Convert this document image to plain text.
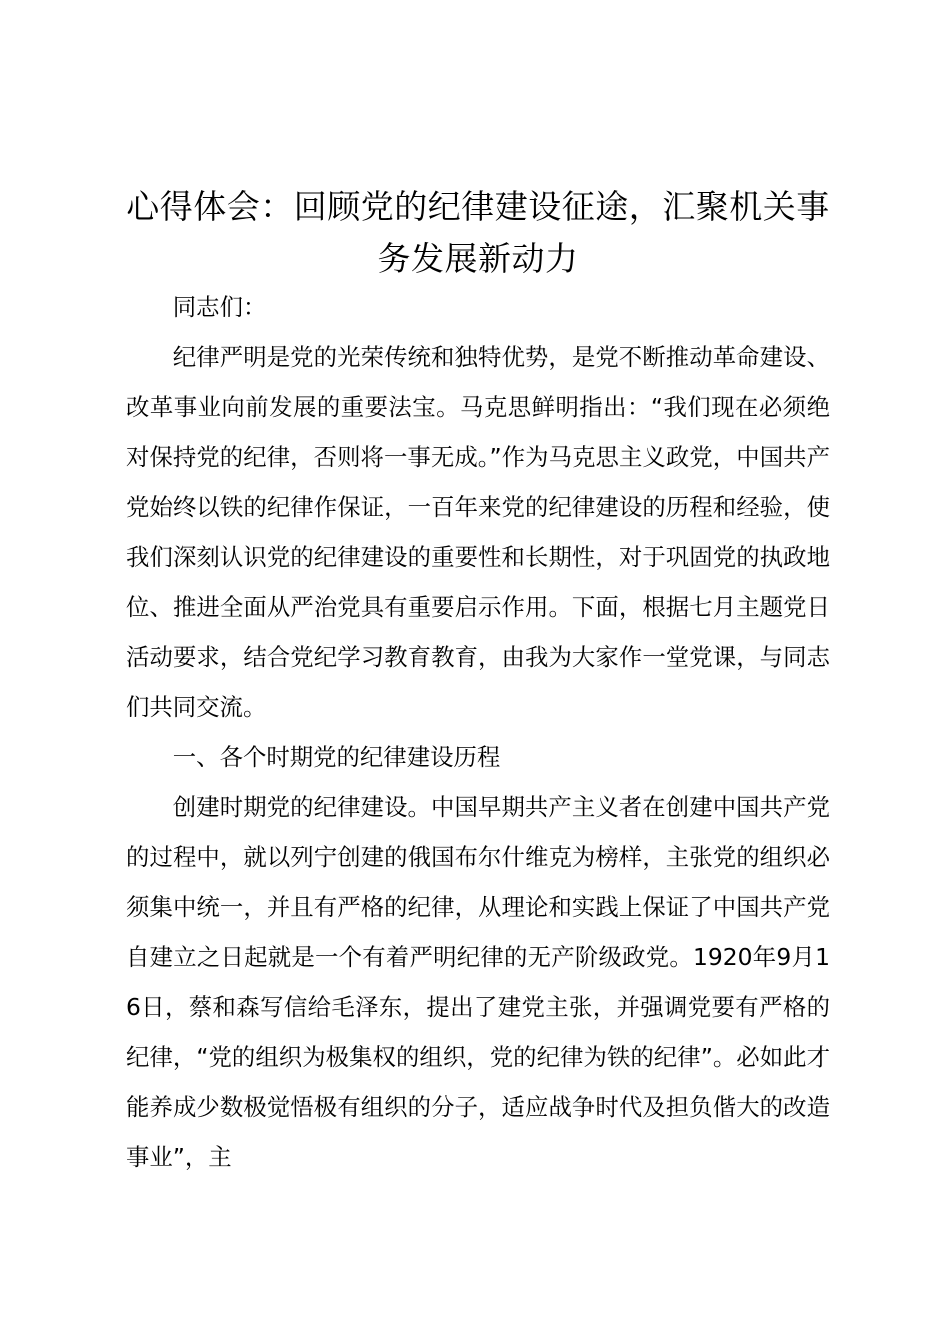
心得体会：回顾党的纪律建设征途，汇聚机关事务发展新动力

同志们：

纪律严明是党的光荣传统和独特优势，是党不断推动革命建设、改革事业向前发展的重要法宝。马克思鲜明指出：“我们现在必须绝对保持党的纪律，否则将一事无成。”作为马克思主义政党，中国共产党始终以铁的纪律作保证，一百年来党的纪律建设的历程和经验，使我们深刻认识党的纪律建设的重要性和长期性，对于巩固党的执政地位、推进全面从严治党具有重要启示作用。下面，根据七月主题党日活动要求，结合党纪学习教育教育，由我为大家作一堂党课，与同志们共同交流。

一、各个时期党的纪律建设历程

创建时期党的纪律建设。中国早期共产主义者在创建中国共产党的过程中，就以列宁创建的俄国布尔什维克为榜样，主张党的组织必须集中统一，并且有严格的纪律，从理论和实践上保证了中国共产党自建立之日起就是一个有着严明纪律的无产阶级政党。1920年9月16日，蔡和森写信给毛泽东，提出了建党主张，并强调党要有严格的纪律，“党的组织为极集权的组织，党的纪律为铁的纪律”。必如此才能养成少数极觉悟极有组织的分子，适应战争时代及担负偕大的改造事业”，主
